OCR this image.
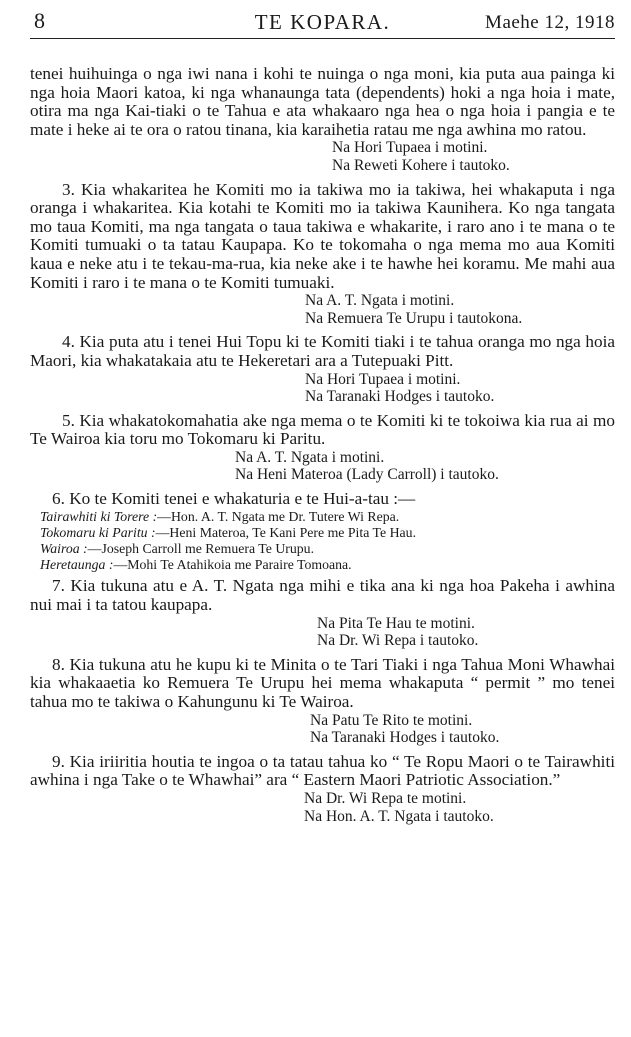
8	TE KOPARA.	Maehe 12, 1918

tenei huihuinga o nga iwi nana i kohi te nuinga o nga moni, kia puta aua painga ki nga hoia Maori katoa, ki nga whanaunga tata (dependents) hoki a nga hoia i mate, otira ma nga Kai-tiaki o te Tahua e ata whakaaro nga hea o nga hoia i pangia e te mate i heke ai te ora o ratou tinana, kia karaihetia ratau me nga awhina mo ratou.

Na Hori Tupaea i motini.
Na Reweti Kohere i tautoko.

3. Kia whakaritea he Komiti mo ia takiwa mo ia takiwa, hei whakaputa i nga oranga i whakaritea. Kia kotahi te Komiti mo ia takiwa Kaunihera. Ko nga tangata mo taua Komiti, ma nga tangata o taua takiwa e whakarite, i raro ano i te mana o te Komiti tumuaki o ta tatau Kaupapa. Ko te tokomaha o nga mema mo aua Komiti kaua e neke atu i te tekau-ma-rua, kia neke ake i te hawhe hei koramu. Me mahi aua Komiti i raro i te mana o te Komiti tumuaki.

Na A. T. Ngata i motini.
Na Remuera Te Urupu i tautokona.

4. Kia puta atu i tenei Hui Topu ki te Komiti tiaki i te tahua oranga mo nga hoia Maori, kia whakatakaia atu te Hekeretari ara a Tutepuaki Pitt.

Na Hori Tupaea i motini.
Na Taranaki Hodges i tautoko.

5. Kia whakatokomahatia ake nga mema o te Komiti ki te tokoiwa kia rua ai mo Te Wairoa kia toru mo Tokomaru ki Paritu.

Na A. T. Ngata i motini.
Na Heni Materoa (Lady Carroll) i tautoko.

6. Ko te Komiti tenei e whakaturia e te Hui-a-tau :—

Tairawhiti ki Torere :—Hon. A. T. Ngata me Dr. Tutere Wi Repa.
Tokomaru ki Paritu :—Heni Materoa, Te Kani Pere me Pita Te Hau.
Wairoa :—Joseph Carroll me Remuera Te Urupu.
Heretaunga :—Mohi Te Atahikoia me Paraire Tomoana.

7. Kia tukuna atu e A. T. Ngata nga mihi e tika ana ki nga hoa Pakeha i awhina nui mai i ta tatou kaupapa.

Na Pita Te Hau te motini.
Na Dr. Wi Repa i tautoko.

8. Kia tukuna atu he kupu ki te Minita o te Tari Tiaki i nga Tahua Moni Whawhai kia whakaaetia ko Remuera Te Urupu hei mema whakaputa “ permit ” mo tenei tahua mo te takiwa o Kahungunu ki Te Wairoa.

Na Patu Te Rito te motini.
Na Taranaki Hodges i tautoko.

9. Kia iriiritia houtia te ingoa o ta tatau tahua ko “ Te Ropu Maori o te Tairawhiti awhina i nga Take o te Whawhai” ara “ Eastern Maori Patriotic Association.”

Na Dr. Wi Repa te motini.
Na Hon. A. T. Ngata i tautoko.
